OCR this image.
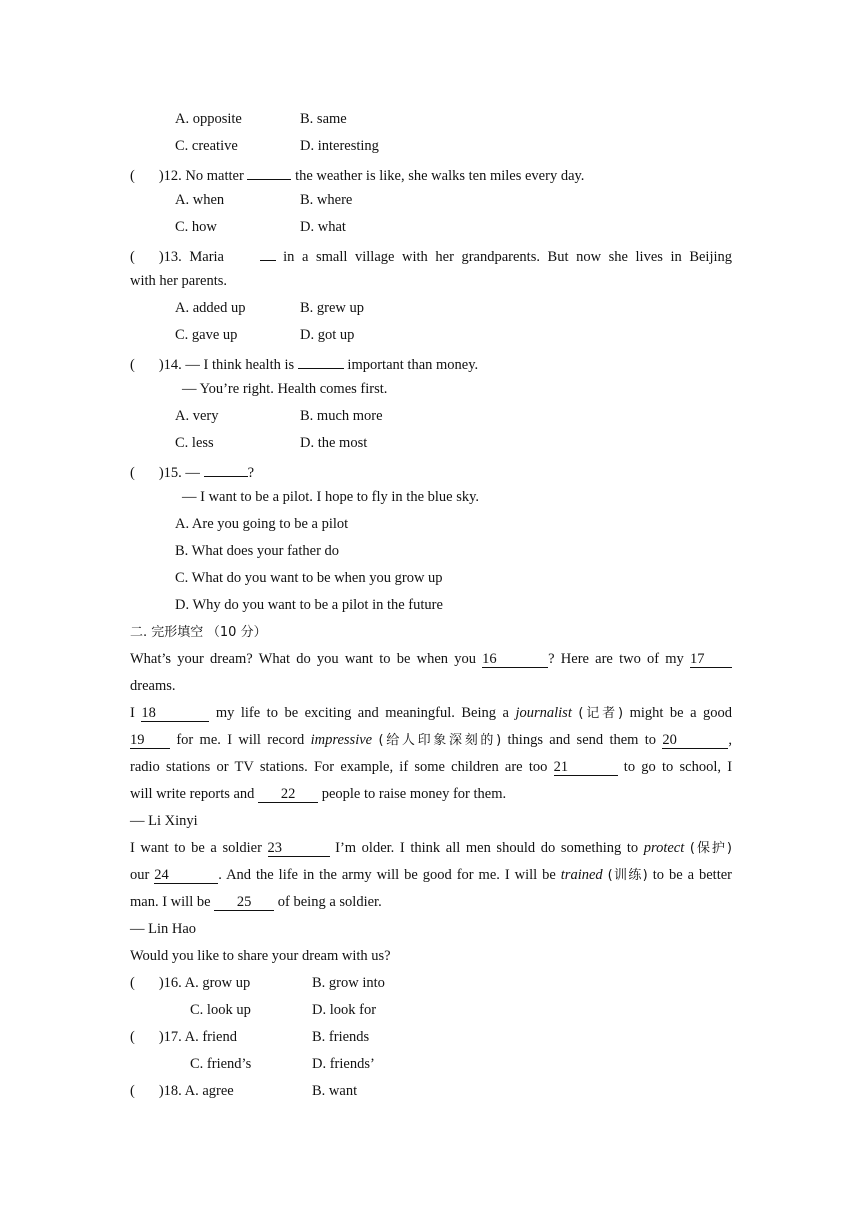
A. opposite	B. same
C. creative	D. interesting
( )12. No matter	the weather is like, she walks ten miles every day.
A. when	B. where
C. how	D. what
( )13. Maria	in a small village with her grandparents. But now she lives in Beijing
with her parents.
A. added up	B. grew up
C. gave up	D. got up
( )14. — I think health is	important than money.
— You’re right. Health comes first.
A. very	B. much more
C. less	D. the most
( )15. —	?
— I want to be a pilot. I hope to fly in the blue sky.
A. Are you going to be a pilot
B. What does your father do
C. What do you want to be when you grow up
D. Why do you want to be a pilot in the future
二. 完形填空 （10 分）
What’s your dream? What do you want to be when you 16	? Here are two of my 17
dreams.
I 18	my life to be exciting and meaningful. Being a journalist (记者) might be a good
19 for me. I will record impressive (给人印象深刻的) things and send them to 20	,
radio stations or TV stations. For example, if some children are too 21	to go to school, I
will write reports and 22 people to raise money for them.
— Li Xinyi
I want to be a soldier 23	I’m older. I think all men should do something to protect (保护)
our 24	. And the life in the army will be good for me. I will be trained (训练) to be a better
man. I will be 25 of being a soldier.
— Lin Hao
Would you like to share your dream with us?
( )16. A. grow up	B. grow into
C. look up	D. look for
( )17. A. friend	B. friends
C. friend’s	D. friends’
( )18. A. agree	B. want
